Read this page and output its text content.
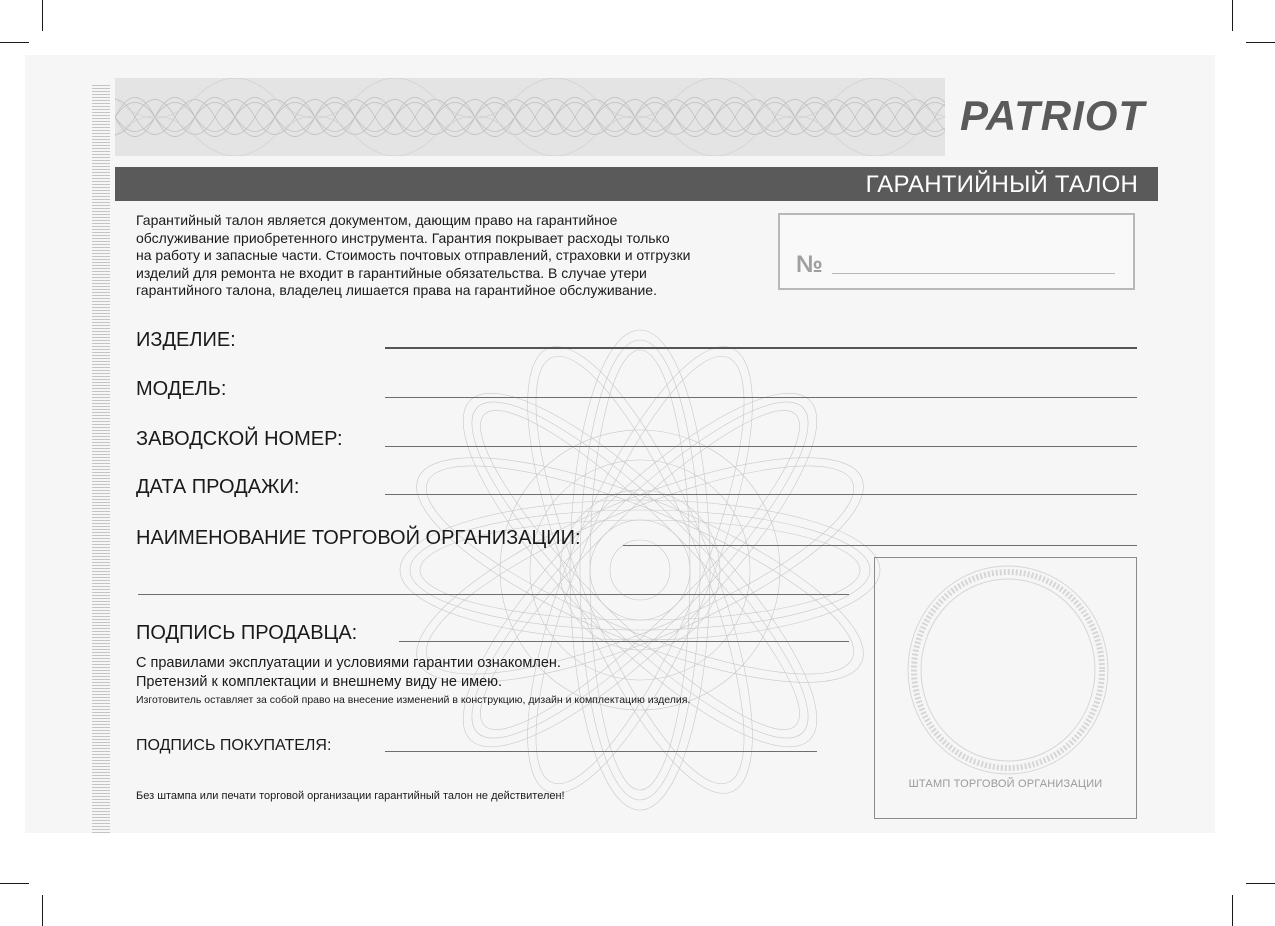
PATRIOT
ГАРАНТИЙНЫЙ ТАЛОН
Гарантийный талон является документом, дающим право на гарантийное
обслуживание приобретенного инструмента. Гарантия покрывает расходы только
на работу и запасные части. Стоимость почтовых отправлений, страховки и отгрузки
изделий для ремонта не входит в гарантийные обязательства. В случае утери
гарантийного талона, владелец лишается права на гарантийное обслуживание.
№
ИЗДЕЛИЕ:
МОДЕЛЬ:
ЗАВОДСКОЙ НОМЕР:
ДАТА ПРОДАЖИ:
НАИМЕНОВАНИЕ ТОРГОВОЙ ОРГАНИЗАЦИИ:
ПОДПИСЬ ПРОДАВЦА:
С правилами эксплуатации и условиями гарантии ознакомлен.
Претензий к комплектации и внешнему виду не имею.
Изготовитель оставляет за собой право на внесение изменений в конструкцию, дизайн и комплектацию изделия.
ПОДПИСЬ ПОКУПАТЕЛЯ:
Без штампа или печати торговой организации гарантийный талон не действителен!
ШТАМП ТОРГОВОЙ ОРГАНИЗАЦИИ
